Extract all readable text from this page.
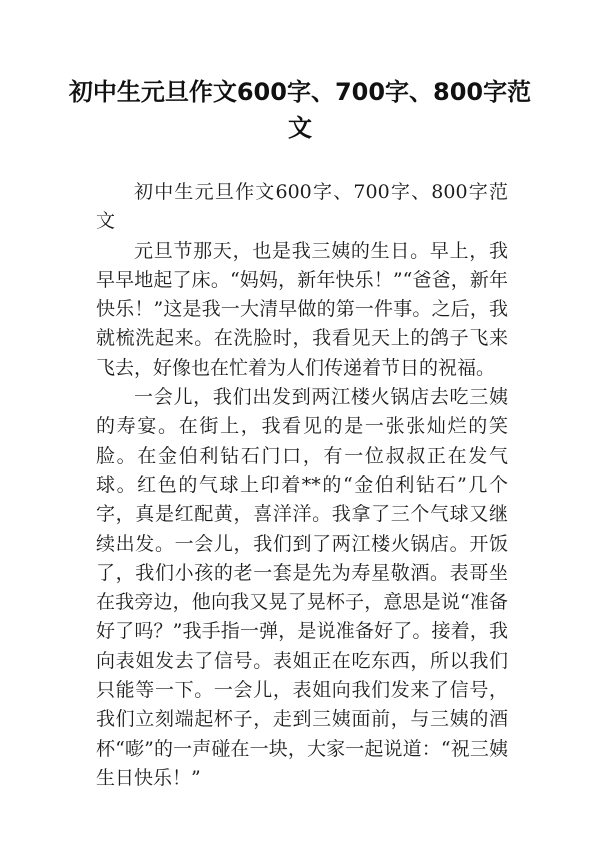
初中生元旦作文600字、700字、800字范文

初中生元旦作文600字、700字、800字范文

元旦节那天，也是我三姨的生日。早上，我早早地起了床。“妈妈，新年快乐！”“爸爸，新年快乐！”这是我一大清早做的第一件事。之后，我就梳洗起来。在洗脸时，我看见天上的鸽子飞来飞去，好像也在忙着为人们传递着节日的祝福。

一会儿，我们出发到两江楼火锅店去吃三姨的寿宴。在街上，我看见的是一张张灿烂的笑脸。在金伯利钻石门口，有一位叔叔正在发气球。红色的气球上印着**的“金伯利钻石”几个字，真是红配黄，喜洋洋。我拿了三个气球又继续出发。一会儿，我们到了两江楼火锅店。开饭了，我们小孩的老一套是先为寿星敬酒。表哥坐在我旁边，他向我又晃了晃杯子，意思是说“准备好了吗？”我手指一弹，是说准备好了。接着，我向表姐发去了信号。表姐正在吃东西，所以我们只能等一下。一会儿，表姐向我们发来了信号，我们立刻端起杯子，走到三姨面前，与三姨的酒杯“嘭”的一声碰在一块，大家一起说道：“祝三姨生日快乐！”
